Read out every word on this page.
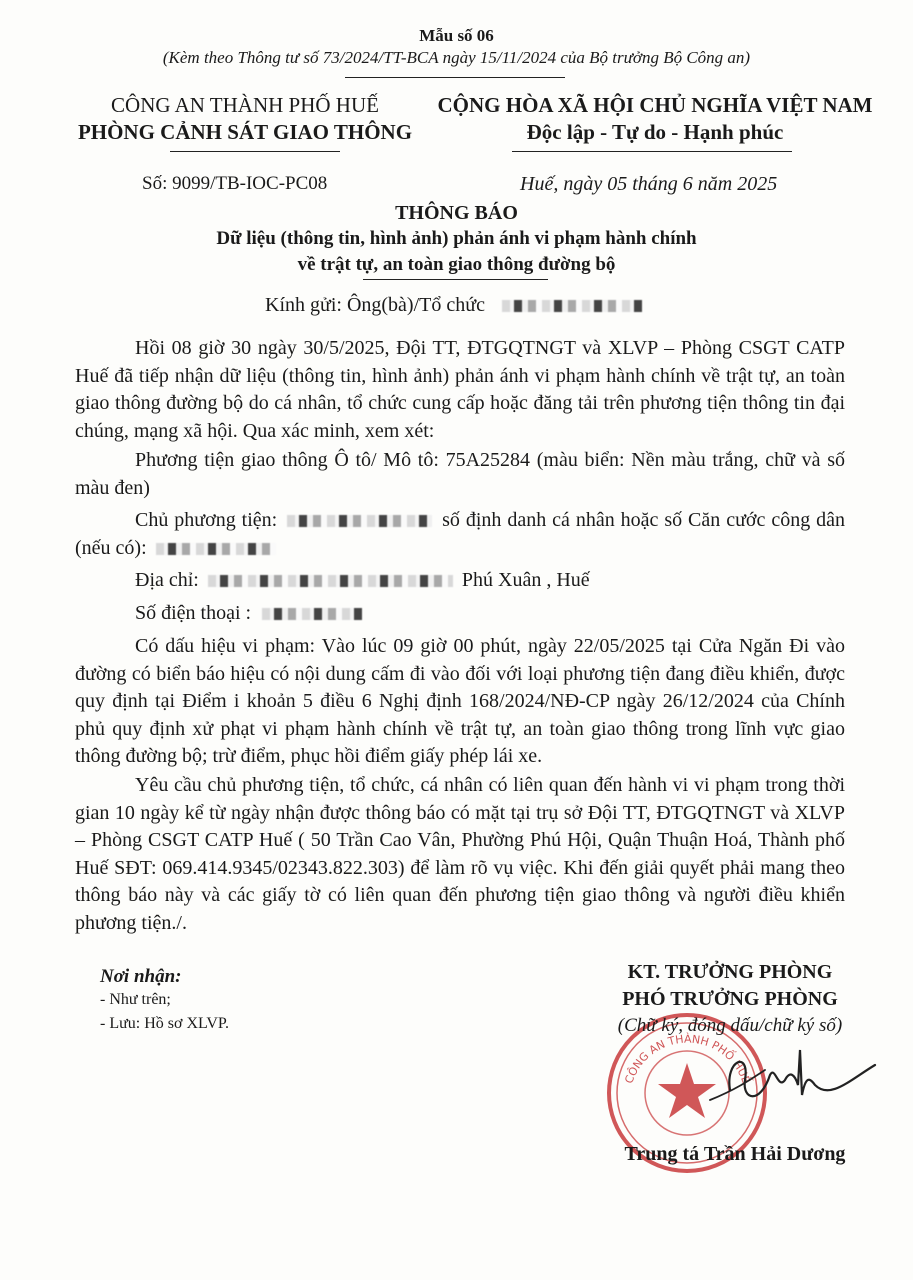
Mẫu số 06
(Kèm theo Thông tư số 73/2024/TT-BCA ngày 15/11/2024 của Bộ trưởng Bộ Công an)
CÔNG AN THÀNH PHỐ HUẾ
PHÒNG CẢNH SÁT GIAO THÔNG
CỘNG HÒA XÃ HỘI CHỦ NGHĨA VIỆT NAM
Độc lập - Tự do - Hạnh phúc
Số: 9099/TB-IOC-PC08	Huế, ngày 05 tháng 6 năm 2025
THÔNG BÁO
Dữ liệu (thông tin, hình ảnh) phản ánh vi phạm hành chính
về trật tự, an toàn giao thông đường bộ
Kính gửi: Ông(bà)/Tổ chức
Hồi 08 giờ 30 ngày 30/5/2025, Đội TT, ĐTGQTNGT và XLVP – Phòng CSGT CATP Huế đã tiếp nhận dữ liệu (thông tin, hình ảnh) phản ánh vi phạm hành chính về trật tự, an toàn giao thông đường bộ do cá nhân, tổ chức cung cấp hoặc đăng tải trên phương tiện thông tin đại chúng, mạng xã hội. Qua xác minh, xem xét:
Phương tiện giao thông Ô tô/ Mô tô: 75A25284 (màu biển: Nền màu trắng, chữ và số màu đen)
Chủ phương tiện:	số định danh cá nhân hoặc số Căn cước công dân (nếu có):
Địa chỉ:	Phú Xuân , Huế
Số điện thoại :
Có dấu hiệu vi phạm: Vào lúc 09 giờ 00 phút, ngày 22/05/2025 tại Cửa Ngăn Đi vào đường có biển báo hiệu có nội dung cấm đi vào đối với loại phương tiện đang điều khiển, được quy định tại Điểm i khoản 5 điều 6 Nghị định 168/2024/NĐ-CP ngày 26/12/2024 của Chính phủ quy định xử phạt vi phạm hành chính về trật tự, an toàn giao thông trong lĩnh vực giao thông đường bộ; trừ điểm, phục hồi điểm giấy phép lái xe.
Yêu cầu chủ phương tiện, tổ chức, cá nhân có liên quan đến hành vi vi phạm trong thời gian 10 ngày kể từ ngày nhận được thông báo có mặt tại trụ sở Đội TT, ĐTGQTNGT và XLVP – Phòng CSGT CATP Huế ( 50 Trần Cao Vân, Phường Phú Hội, Quận Thuận Hoá, Thành phố Huế SĐT: 069.414.9345/02343.822.303) để làm rõ vụ việc. Khi đến giải quyết phải mang theo thông báo này và các giấy tờ có liên quan đến phương tiện giao thông và người điều khiển phương tiện./.
Nơi nhận:
- Như trên;
- Lưu: Hồ sơ XLVP.
CÔNG AN THÀNH PHỐ HUẾ
KT. TRƯỞNG PHÒNG
PHÓ TRƯỞNG PHÒNG
(Chữ ký, đóng dấu/chữ ký số)
Trung tá Trần Hải Dương
